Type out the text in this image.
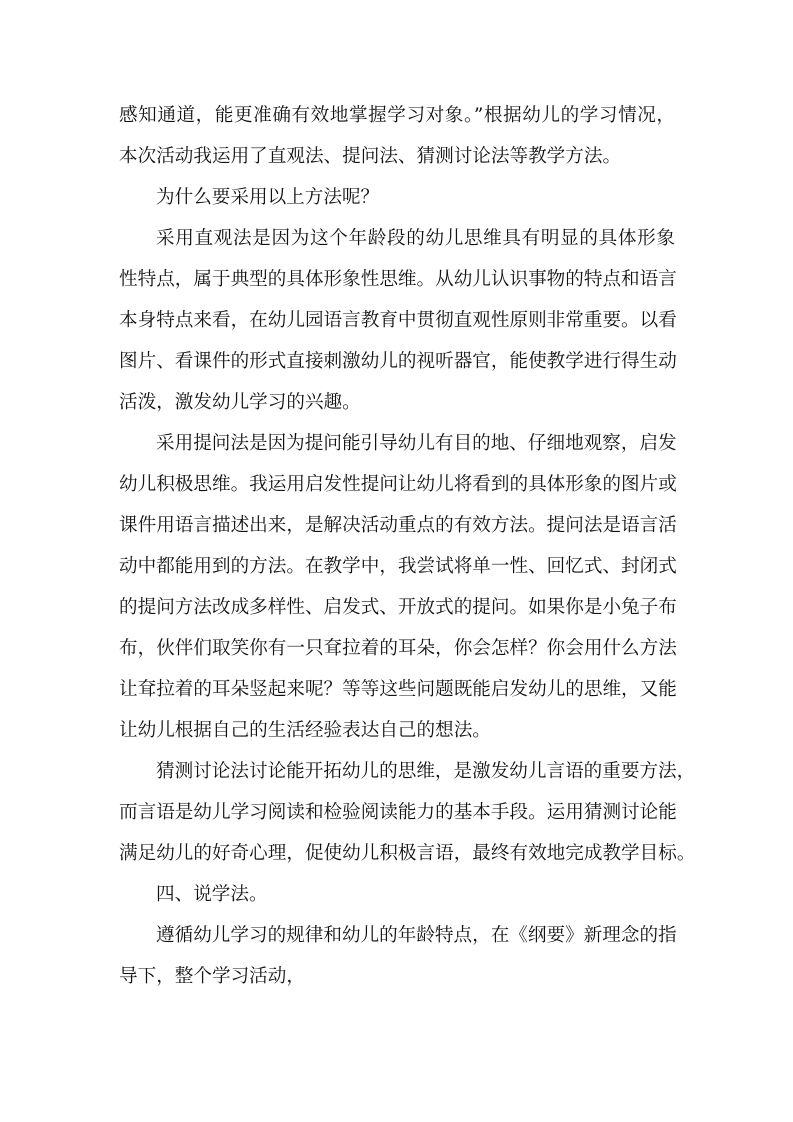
感知通道，能更准确有效地掌握学习对象。”根据幼儿的学习情况，
本次活动我运用了直观法、提问法、猜测讨论法等教学方法。
为什么要采用以上方法呢？
采用直观法是因为这个年龄段的幼儿思维具有明显的具体形象
性特点，属于典型的具体形象性思维。从幼儿认识事物的特点和语言
本身特点来看，在幼儿园语言教育中贯彻直观性原则非常重要。以看
图片、看课件的形式直接刺激幼儿的视听器官，能使教学进行得生动
活泼，激发幼儿学习的兴趣。
采用提问法是因为提问能引导幼儿有目的地、仔细地观察，启发
幼儿积极思维。我运用启发性提问让幼儿将看到的具体形象的图片或
课件用语言描述出来，是解决活动重点的有效方法。提问法是语言活
动中都能用到的方法。在教学中，我尝试将单一性、回忆式、封闭式
的提问方法改成多样性、启发式、开放式的提问。如果你是小兔子布
布，伙伴们取笑你有一只耷拉着的耳朵，你会怎样？你会用什么方法
让耷拉着的耳朵竖起来呢？等等这些问题既能启发幼儿的思维，又能
让幼儿根据自己的生活经验表达自己的想法。
猜测讨论法讨论能开拓幼儿的思维，是激发幼儿言语的重要方法，
而言语是幼儿学习阅读和检验阅读能力的基本手段。运用猜测讨论能
满足幼儿的好奇心理，促使幼儿积极言语，最终有效地完成教学目标。
四、说学法。
遵循幼儿学习的规律和幼儿的年龄特点，在《纲要》新理念的指
导下，整个学习活动，
